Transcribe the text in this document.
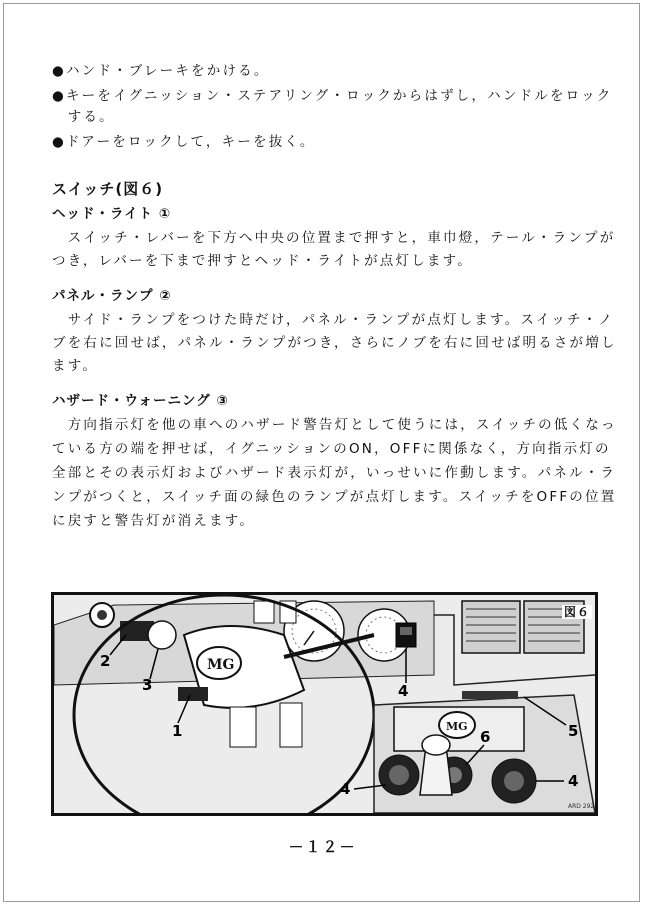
●ハンド・ブレーキをかける。
●キーをイグニッション・ステアリング・ロックからはずし，ハンドルをロック
　する。
●ドアーをロックして，キーを抜く。
スイッチ(図６)
ヘッド・ライト ①
　スイッチ・レバーを下方へ中央の位置まで押すと，車巾燈，テール・ランプが
つき，レバーを下まで押すとヘッド・ライトが点灯します。
パネル・ランプ ②
　サイド・ランプをつけた時だけ，パネル・ランプが点灯します。スイッチ・ノ
ブを右に回せば，パネル・ランプがつき，さらにノブを右に回せば明るさが増し
ます。
ハザード・ウォーニング ③
　方向指示灯を他の車へのハザード警告灯として使うには，スイッチの低くなっ
ている方の端を押せば，イグニッションのON，OFFに関係なく，方向指示灯の
全部とその表示灯およびハザード表示灯が，いっせいに作動します。パネル・ラ
ンプがつくと，スイッチ面の緑色のランプが点灯します。スイッチをOFFの位置
に戻すと警告灯が消えます。
MG
MG
図６
1
2
3	4
4	4
5
6
ARD 292
－１２－
